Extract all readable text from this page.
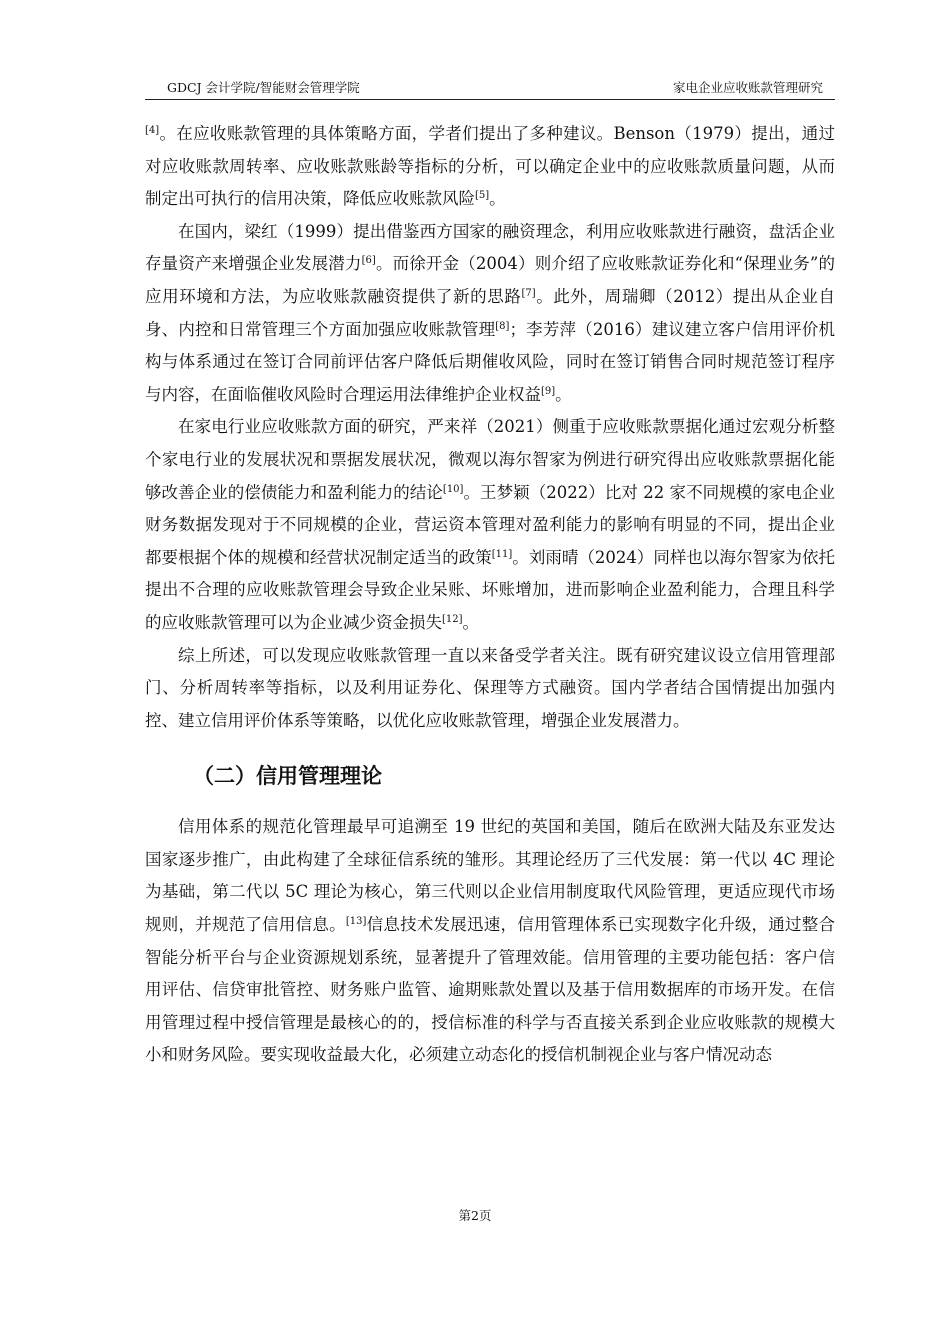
GDCJ 会计学院/智能财会管理学院	家电企业应收账款管理研究

[4]。在应收账款管理的具体策略方面，学者们提出了多种建议。Benson（1979）提出，通过对应收账款周转率、应收账款账龄等指标的分析，可以确定企业中的应收账款质量问题，从而制定出可执行的信用决策，降低应收账款风险[5]。

在国内，梁红（1999）提出借鉴西方国家的融资理念，利用应收账款进行融资，盘活企业存量资产来增强企业发展潜力[6]。而徐开金（2004）则介绍了应收账款证券化和“保理业务”的应用环境和方法，为应收账款融资提供了新的思路[7]。此外，周瑞卿（2012）提出从企业自身、内控和日常管理三个方面加强应收账款管理[8]；李芳萍（2016）建议建立客户信用评价机构与体系通过在签订合同前评估客户降低后期催收风险，同时在签订销售合同时规范签订程序与内容，在面临催收风险时合理运用法律维护企业权益[9]。

在家电行业应收账款方面的研究，严来祥（2021）侧重于应收账款票据化通过宏观分析整个家电行业的发展状况和票据发展状况，微观以海尔智家为例进行研究得出应收账款票据化能够改善企业的偿债能力和盈利能力的结论[10]。王梦颖（2022）比对 22 家不同规模的家电企业财务数据发现对于不同规模的企业，营运资本管理对盈利能力的影响有明显的不同，提出企业都要根据个体的规模和经营状况制定适当的政策[11]。刘雨晴（2024）同样也以海尔智家为依托提出不合理的应收账款管理会导致企业呆账、坏账增加，进而影响企业盈利能力，合理且科学的应收账款管理可以为企业减少资金损失[12]。

综上所述，可以发现应收账款管理一直以来备受学者关注。既有研究建议设立信用管理部门、分析周转率等指标，以及利用证券化、保理等方式融资。国内学者结合国情提出加强内控、建立信用评价体系等策略，以优化应收账款管理，增强企业发展潜力。

（二）信用管理理论

信用体系的规范化管理最早可追溯至 19 世纪的英国和美国，随后在欧洲大陆及东亚发达国家逐步推广，由此构建了全球征信系统的雏形。其理论经历了三代发展：第一代以 4C 理论为基础，第二代以 5C 理论为核心，第三代则以企业信用制度取代风险管理，更适应现代市场规则，并规范了信用信息。[13]信息技术发展迅速，信用管理体系已实现数字化升级，通过整合智能分析平台与企业资源规划系统，显著提升了管理效能。信用管理的主要功能包括：客户信用评估、信贷审批管控、财务账户监管、逾期账款处置以及基于信用数据库的市场开发。在信用管理过程中授信管理是最核心的的，授信标准的科学与否直接关系到企业应收账款的规模大小和财务风险。要实现收益最大化，必须建立动态化的授信机制视企业与客户情况动态

第2页
